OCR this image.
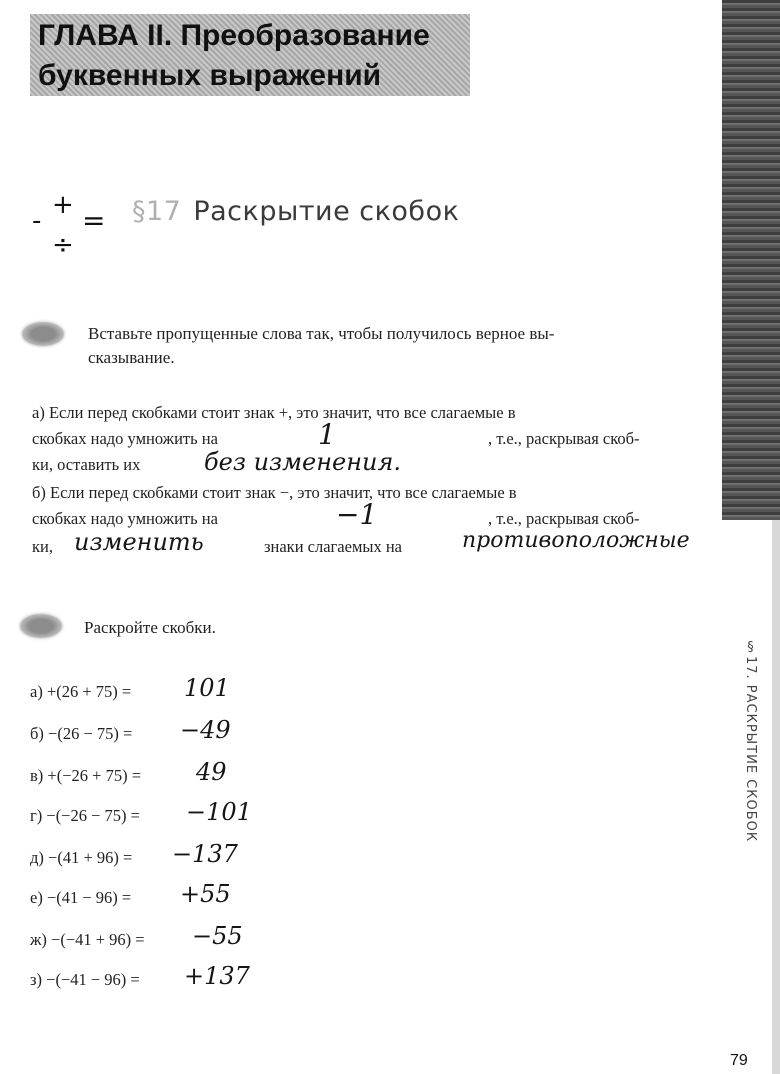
ГЛАВА II. Преобразование
буквенных выражений
-
+ =
÷
§17 Раскрытие скобок
Вставьте пропущенные слова так, чтобы получилось верное вы-
сказывание.
а) Если перед скобками стоит знак +, это значит, что все слагаемые в
скобках надо умножить на	1	, т.е., раскрывая скоб-
ки, оставить их	без изменения.
б) Если перед скобками стоит знак −, это значит, что все слагаемые в
скобках надо умножить на	−1	, т.е., раскрывая скоб-
ки, изменить	знаки слагаемых на	противоположные
Раскройте скобки.
а) +(26 + 75) = 101
б) −(26 − 75) = −49
в) +(−26 + 75) = 49
г) −(−26 − 75) = −101
д) −(41 + 96) = −137
е) −(41 − 96) = +55
ж) −(−41 + 96) = −55
з) −(−41 − 96) = +137
§17. РАСКРЫТИЕ СКОБОК
79
